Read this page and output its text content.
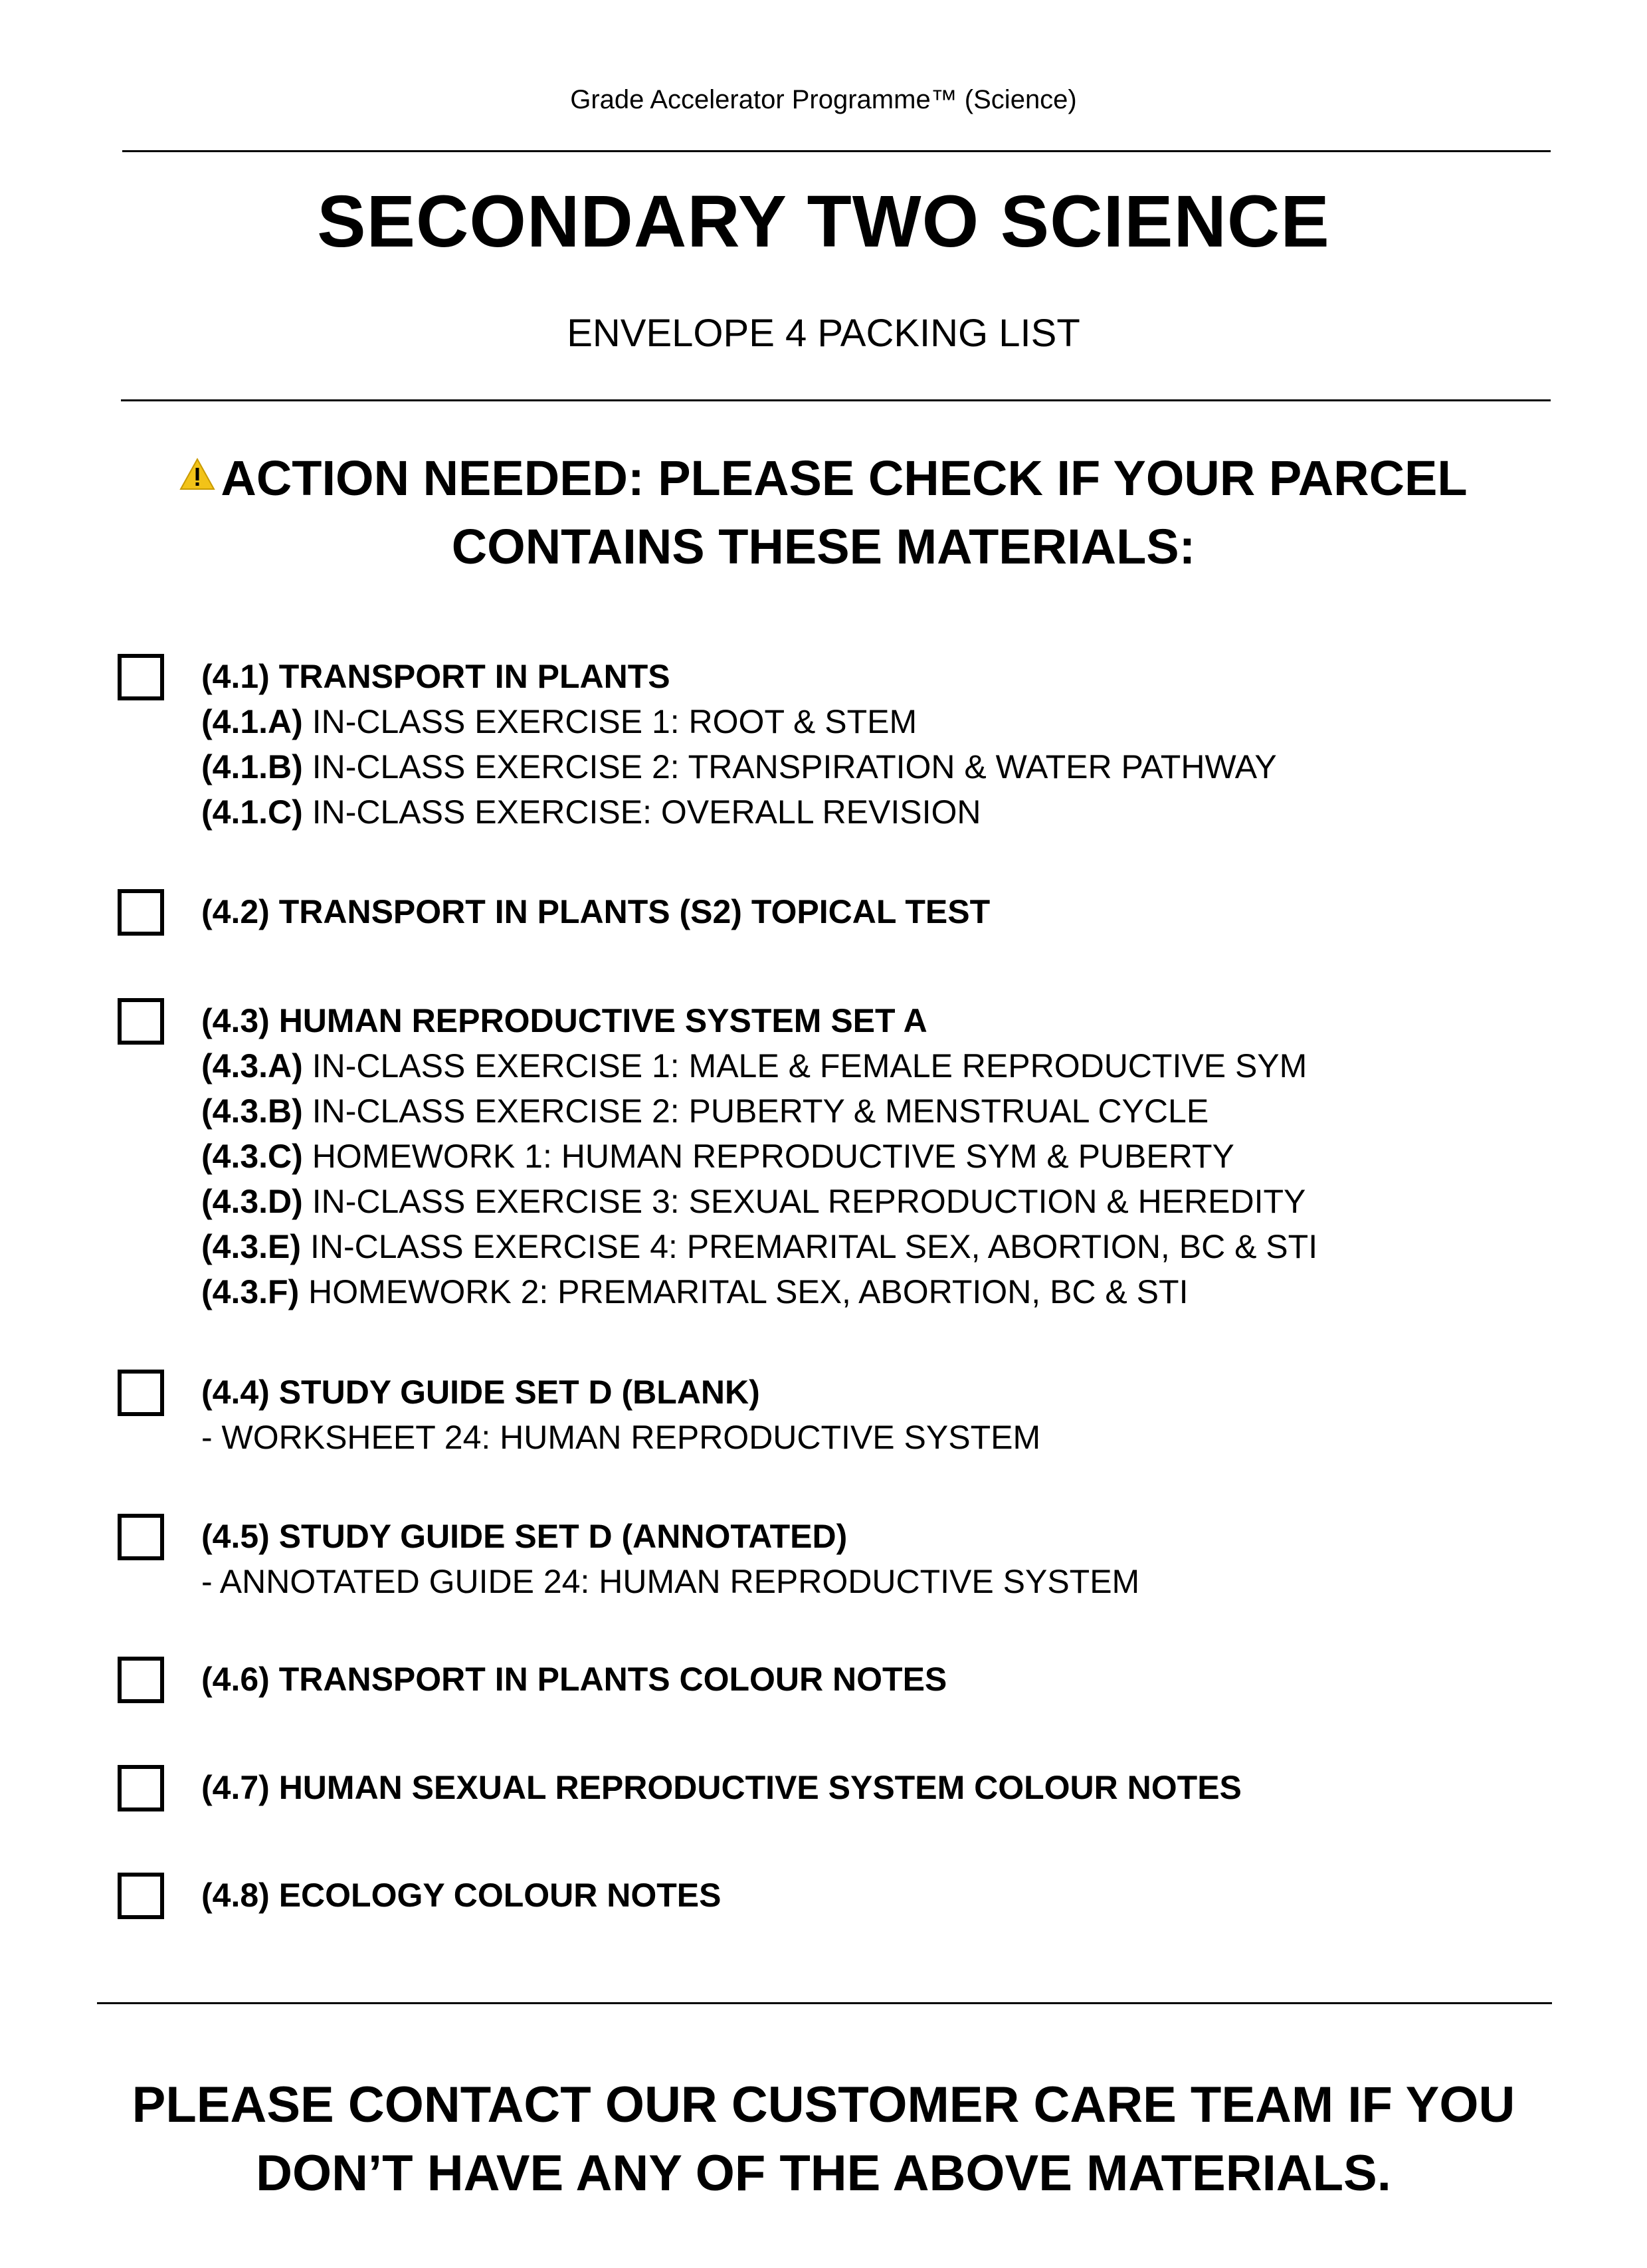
Grade Accelerator Programme™ (Science)
SECONDARY TWO SCIENCE
ENVELOPE 4 PACKING LIST
ACTION NEEDED: PLEASE CHECK IF YOUR PARCEL
CONTAINS THESE MATERIALS:
(4.1) TRANSPORT IN PLANTS
(4.1.A) IN-CLASS EXERCISE 1: ROOT & STEM
(4.1.B) IN-CLASS EXERCISE 2: TRANSPIRATION & WATER PATHWAY
(4.1.C) IN-CLASS EXERCISE: OVERALL REVISION
(4.2) TRANSPORT IN PLANTS (S2) TOPICAL TEST
(4.3) HUMAN REPRODUCTIVE SYSTEM SET A
(4.3.A) IN-CLASS EXERCISE 1: MALE & FEMALE REPRODUCTIVE SYM
(4.3.B) IN-CLASS EXERCISE 2: PUBERTY & MENSTRUAL CYCLE
(4.3.C) HOMEWORK 1: HUMAN REPRODUCTIVE SYM & PUBERTY
(4.3.D) IN-CLASS EXERCISE 3: SEXUAL REPRODUCTION & HEREDITY
(4.3.E) IN-CLASS EXERCISE 4: PREMARITAL SEX, ABORTION, BC & STI
(4.3.F) HOMEWORK 2: PREMARITAL SEX, ABORTION, BC & STI
(4.4) STUDY GUIDE SET D (BLANK)
- WORKSHEET 24: HUMAN REPRODUCTIVE SYSTEM
(4.5) STUDY GUIDE SET D (ANNOTATED)
- ANNOTATED GUIDE 24: HUMAN REPRODUCTIVE SYSTEM
(4.6) TRANSPORT IN PLANTS COLOUR NOTES
(4.7) HUMAN SEXUAL REPRODUCTIVE SYSTEM COLOUR NOTES
(4.8) ECOLOGY COLOUR NOTES
PLEASE CONTACT OUR CUSTOMER CARE TEAM IF YOU
DON’T HAVE ANY OF THE ABOVE MATERIALS.
